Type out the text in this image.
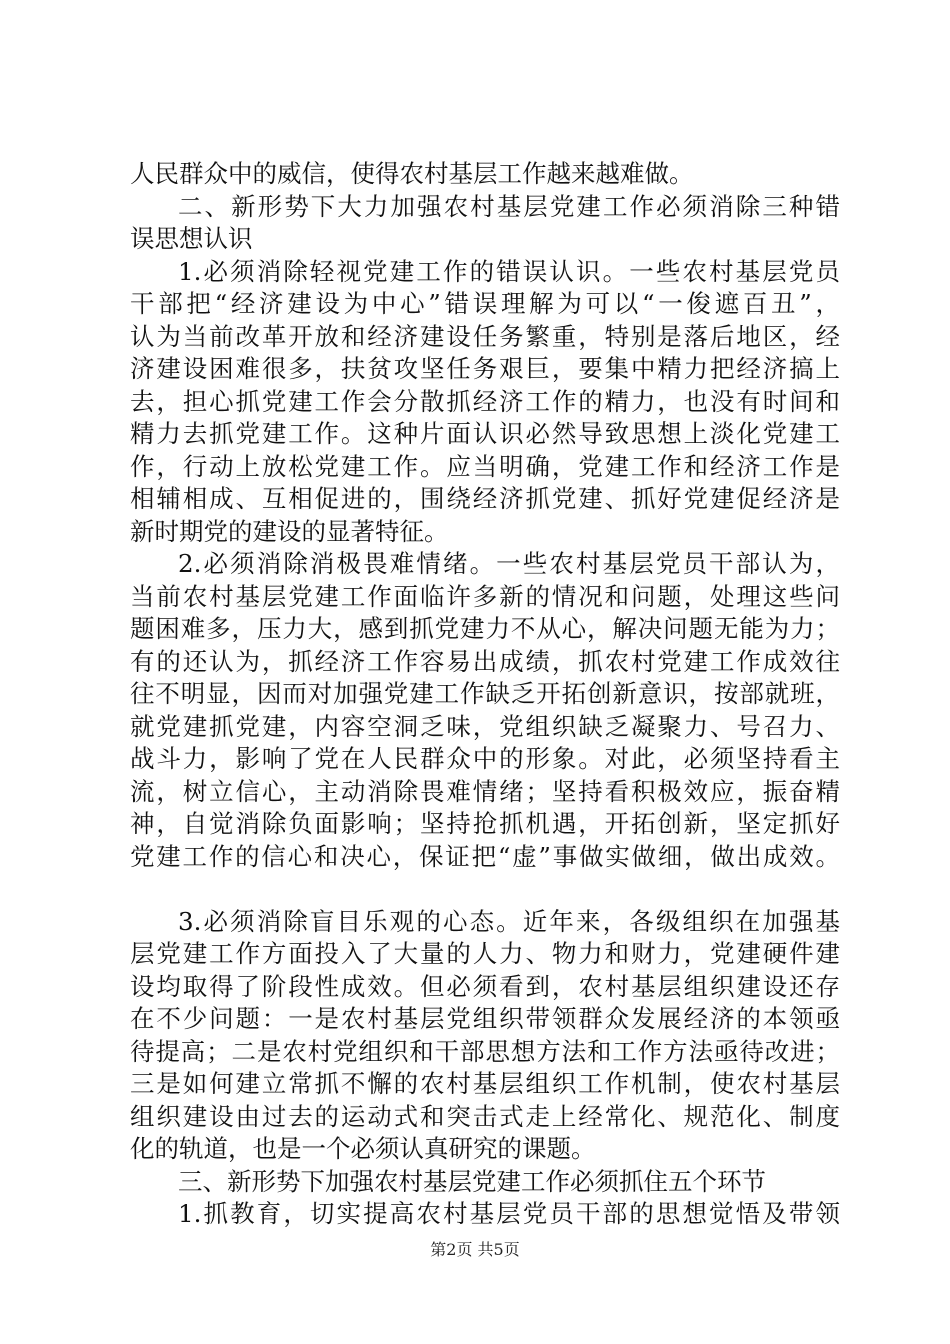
人民群众中的威信，使得农村基层工作越来越难做。
二、新形势下大力加强农村基层党建工作必须消除三种错
误思想认识
1.必须消除轻视党建工作的错误认识。一些农村基层党员
干部把“经济建设为中心”错误理解为可以“一俊遮百丑”，
认为当前改革开放和经济建设任务繁重，特别是落后地区，经
济建设困难很多，扶贫攻坚任务艰巨，要集中精力把经济搞上
去，担心抓党建工作会分散抓经济工作的精力，也没有时间和
精力去抓党建工作。这种片面认识必然导致思想上淡化党建工
作，行动上放松党建工作。应当明确，党建工作和经济工作是
相辅相成、互相促进的，围绕经济抓党建、抓好党建促经济是
新时期党的建设的显著特征。
2.必须消除消极畏难情绪。一些农村基层党员干部认为，
当前农村基层党建工作面临许多新的情况和问题，处理这些问
题困难多，压力大，感到抓党建力不从心，解决问题无能为力；
有的还认为，抓经济工作容易出成绩，抓农村党建工作成效往
往不明显，因而对加强党建工作缺乏开拓创新意识，按部就班，
就党建抓党建，内容空洞乏味，党组织缺乏凝聚力、号召力、
战斗力，影响了党在人民群众中的形象。对此，必须坚持看主
流，树立信心，主动消除畏难情绪；坚持看积极效应，振奋精
神，自觉消除负面影响；坚持抢抓机遇，开拓创新，坚定抓好
党建工作的信心和决心，保证把“虚”事做实做细，做出成效。
3.必须消除盲目乐观的心态。近年来，各级组织在加强基
层党建工作方面投入了大量的人力、物力和财力，党建硬件建
设均取得了阶段性成效。但必须看到，农村基层组织建设还存
在不少问题：一是农村基层党组织带领群众发展经济的本领亟
待提高；二是农村党组织和干部思想方法和工作方法亟待改进；
三是如何建立常抓不懈的农村基层组织工作机制，使农村基层
组织建设由过去的运动式和突击式走上经常化、规范化、制度
化的轨道，也是一个必须认真研究的课题。
三、新形势下加强农村基层党建工作必须抓住五个环节
1.抓教育，切实提高农村基层党员干部的思想觉悟及带领
第2页 共5页
